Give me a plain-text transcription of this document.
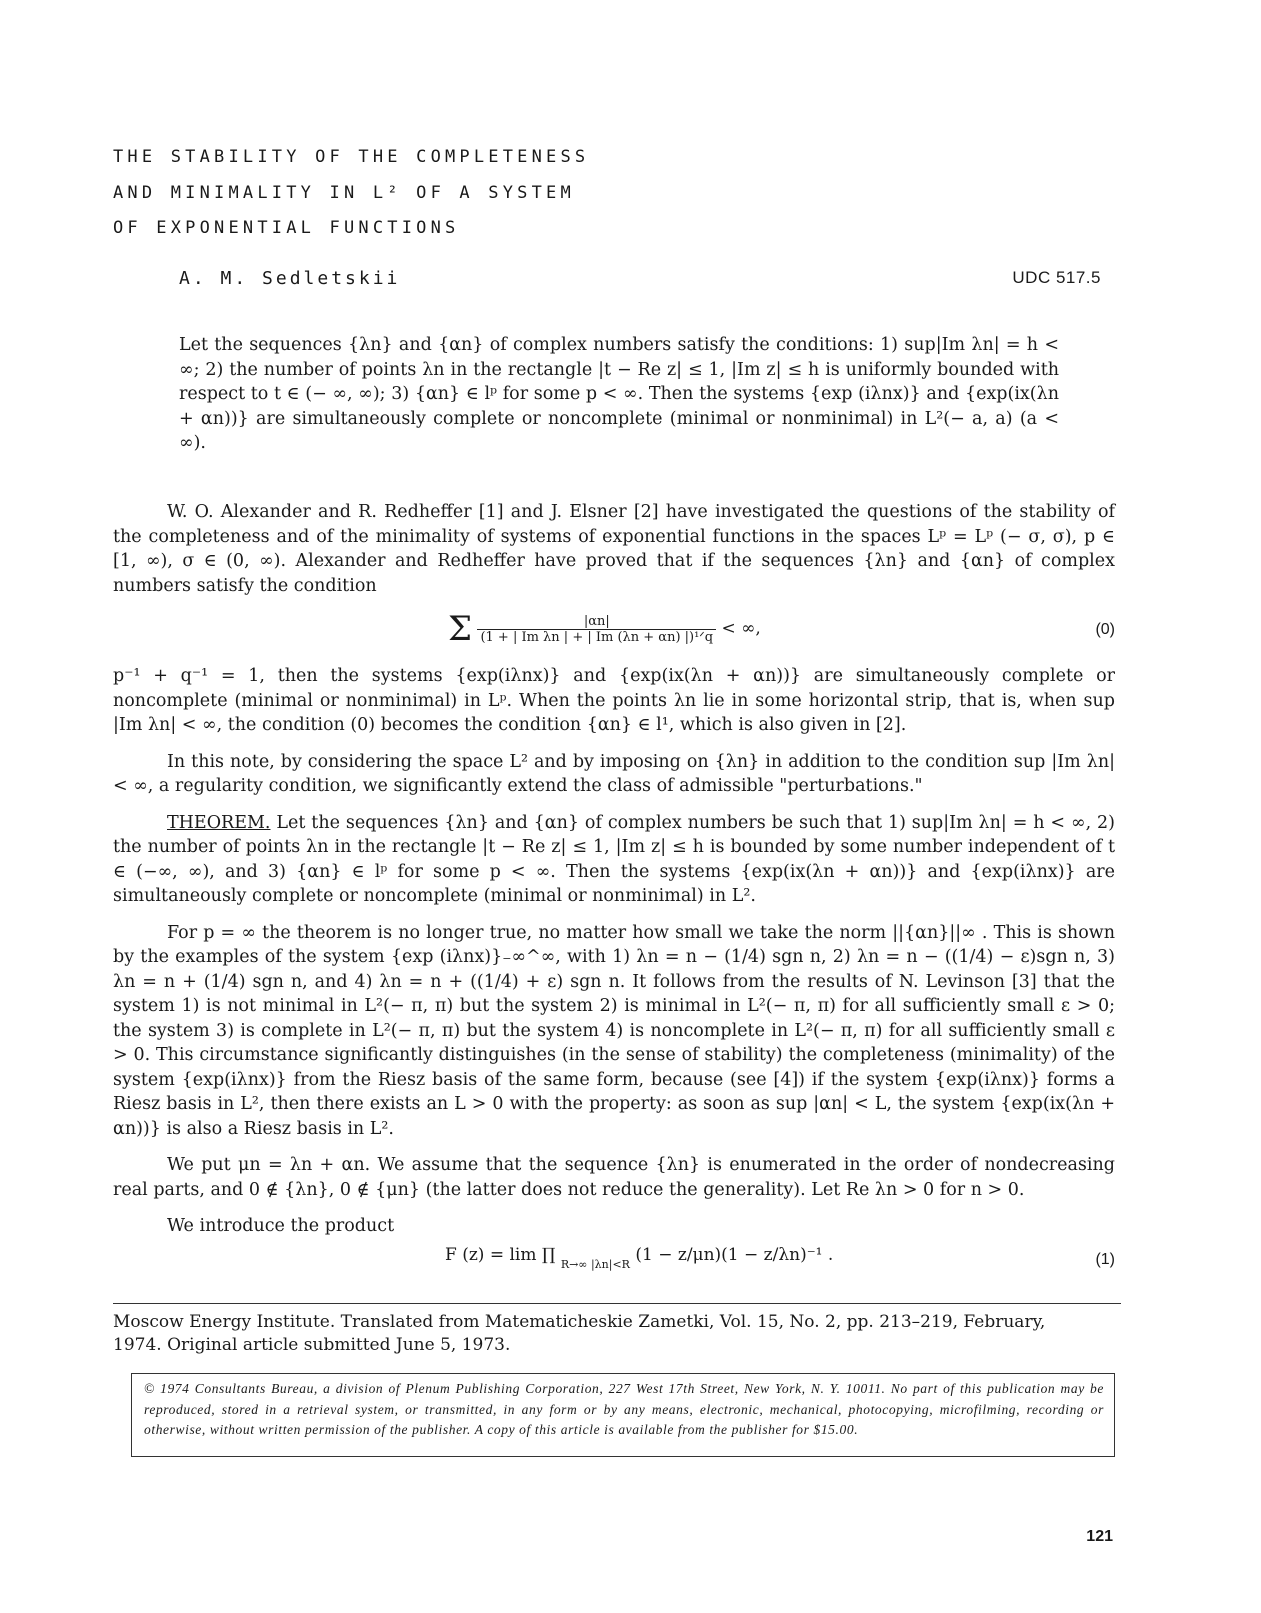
THE STABILITY OF THE COMPLETENESS
AND MINIMALITY IN L² OF A SYSTEM
OF EXPONENTIAL FUNCTIONS
A. M. Sedletskii	UDC 517.5
Let the sequences {λn} and {αn} of complex numbers satisfy the conditions: 1) sup|Im λn| = h < ∞; 2) the number of points λn in the rectangle |t − Re z| ≤ 1, |Im z| ≤ h is uniformly bounded with respect to t ∈ (− ∞, ∞); 3) {αn} ∈ lᵖ for some p < ∞. Then the systems {exp (iλnx)} and {exp(ix(λn + αn))} are simultaneously complete or noncomplete (minimal or nonminimal) in L²(− a, a) (a < ∞).

W. O. Alexander and R. Redheffer [1] and J. Elsner [2] have investigated the questions of the stability of the completeness and of the minimality of systems of exponential functions in the spaces Lᵖ = Lᵖ (− σ, σ), p ∈ [1, ∞), σ ∈ (0, ∞). Alexander and Redheffer have proved that if the sequences {λn} and {αn} of complex numbers satisfy the condition

Σ $\frac{|\alpha n|}{\text{(1 + | Im λn | + | Im (λn + αn) |)¹ᐟq}}$ < ∞,	(0)

p⁻¹ + q⁻¹ = 1, then the systems {exp(iλnx)} and {exp(ix(λn + αn))} are simultaneously complete or noncomplete (minimal or nonminimal) in Lᵖ. When the points λn lie in some horizontal strip, that is, when sup |Im λn| < ∞, the condition (0) becomes the condition {αn} ∈ l¹, which is also given in [2].

In this note, by considering the space L² and by imposing on {λn} in addition to the condition sup |Im λn| < ∞, a regularity condition, we significantly extend the class of admissible "perturbations."

THEOREM. Let the sequences {λn} and {αn} of complex numbers be such that 1) sup|Im λn| = h < ∞, 2) the number of points λn in the rectangle |t − Re z| ≤ 1, |Im z| ≤ h is bounded by some number independent of t ∈ (−∞, ∞), and 3) {αn} ∈ lᵖ for some p < ∞. Then the systems {exp(ix(λn + αn))} and {exp(iλnx)} are simultaneously complete or noncomplete (minimal or nonminimal) in L².

For p = ∞ the theorem is no longer true, no matter how small we take the norm ||{αn}||∞ . This is shown by the examples of the system {exp (iλnx)}₋∞^∞, with 1) λn = n − (1/4) sgn n, 2) λn = n − ((1/4) − ε)sgn n, 3) λn = n + (1/4) sgn n, and 4) λn = n + ((1/4) + ε) sgn n. It follows from the results of N. Levinson [3] that the system 1) is not minimal in L²(− π, π) but the system 2) is minimal in L²(− π, π) for all sufficiently small ε > 0; the system 3) is complete in L²(− π, π) but the system 4) is noncomplete in L²(− π, π) for all sufficiently small ε > 0. This circumstance significantly distinguishes (in the sense of stability) the completeness (minimality) of the system {exp(iλnx)} from the Riesz basis of the same form, because (see [4]) if the system {exp(iλnx)} forms a Riesz basis in L², then there exists an L > 0 with the property: as soon as sup |αn| < L, the system {exp(ix(λn + αn))} is also a Riesz basis in L².

We put μn = λn + αn. We assume that the sequence {λn} is enumerated in the order of nondecreasing real parts, and 0 ∉ {λn}, 0 ∉ {μn} (the latter does not reduce the generality). Let Re λn > 0 for n > 0.

We introduce the product

F (z) = lim ∏ $_{R\to\infty |\lambda n|<R}$ (1 − z/μn)(1 − z/λn)⁻¹ .	(1)
Moscow Energy Institute. Translated from Matematicheskie Zametki, Vol. 15, No. 2, pp. 213–219, February, 1974. Original article submitted June 5, 1973.
© 1974 Consultants Bureau, a division of Plenum Publishing Corporation, 227 West 17th Street, New York, N. Y. 10011. No part of this publication may be reproduced, stored in a retrieval system, or transmitted, in any form or by any means, electronic, mechanical, photocopying, microfilming, recording or otherwise, without written permission of the publisher. A copy of this article is available from the publisher for $15.00.
121
